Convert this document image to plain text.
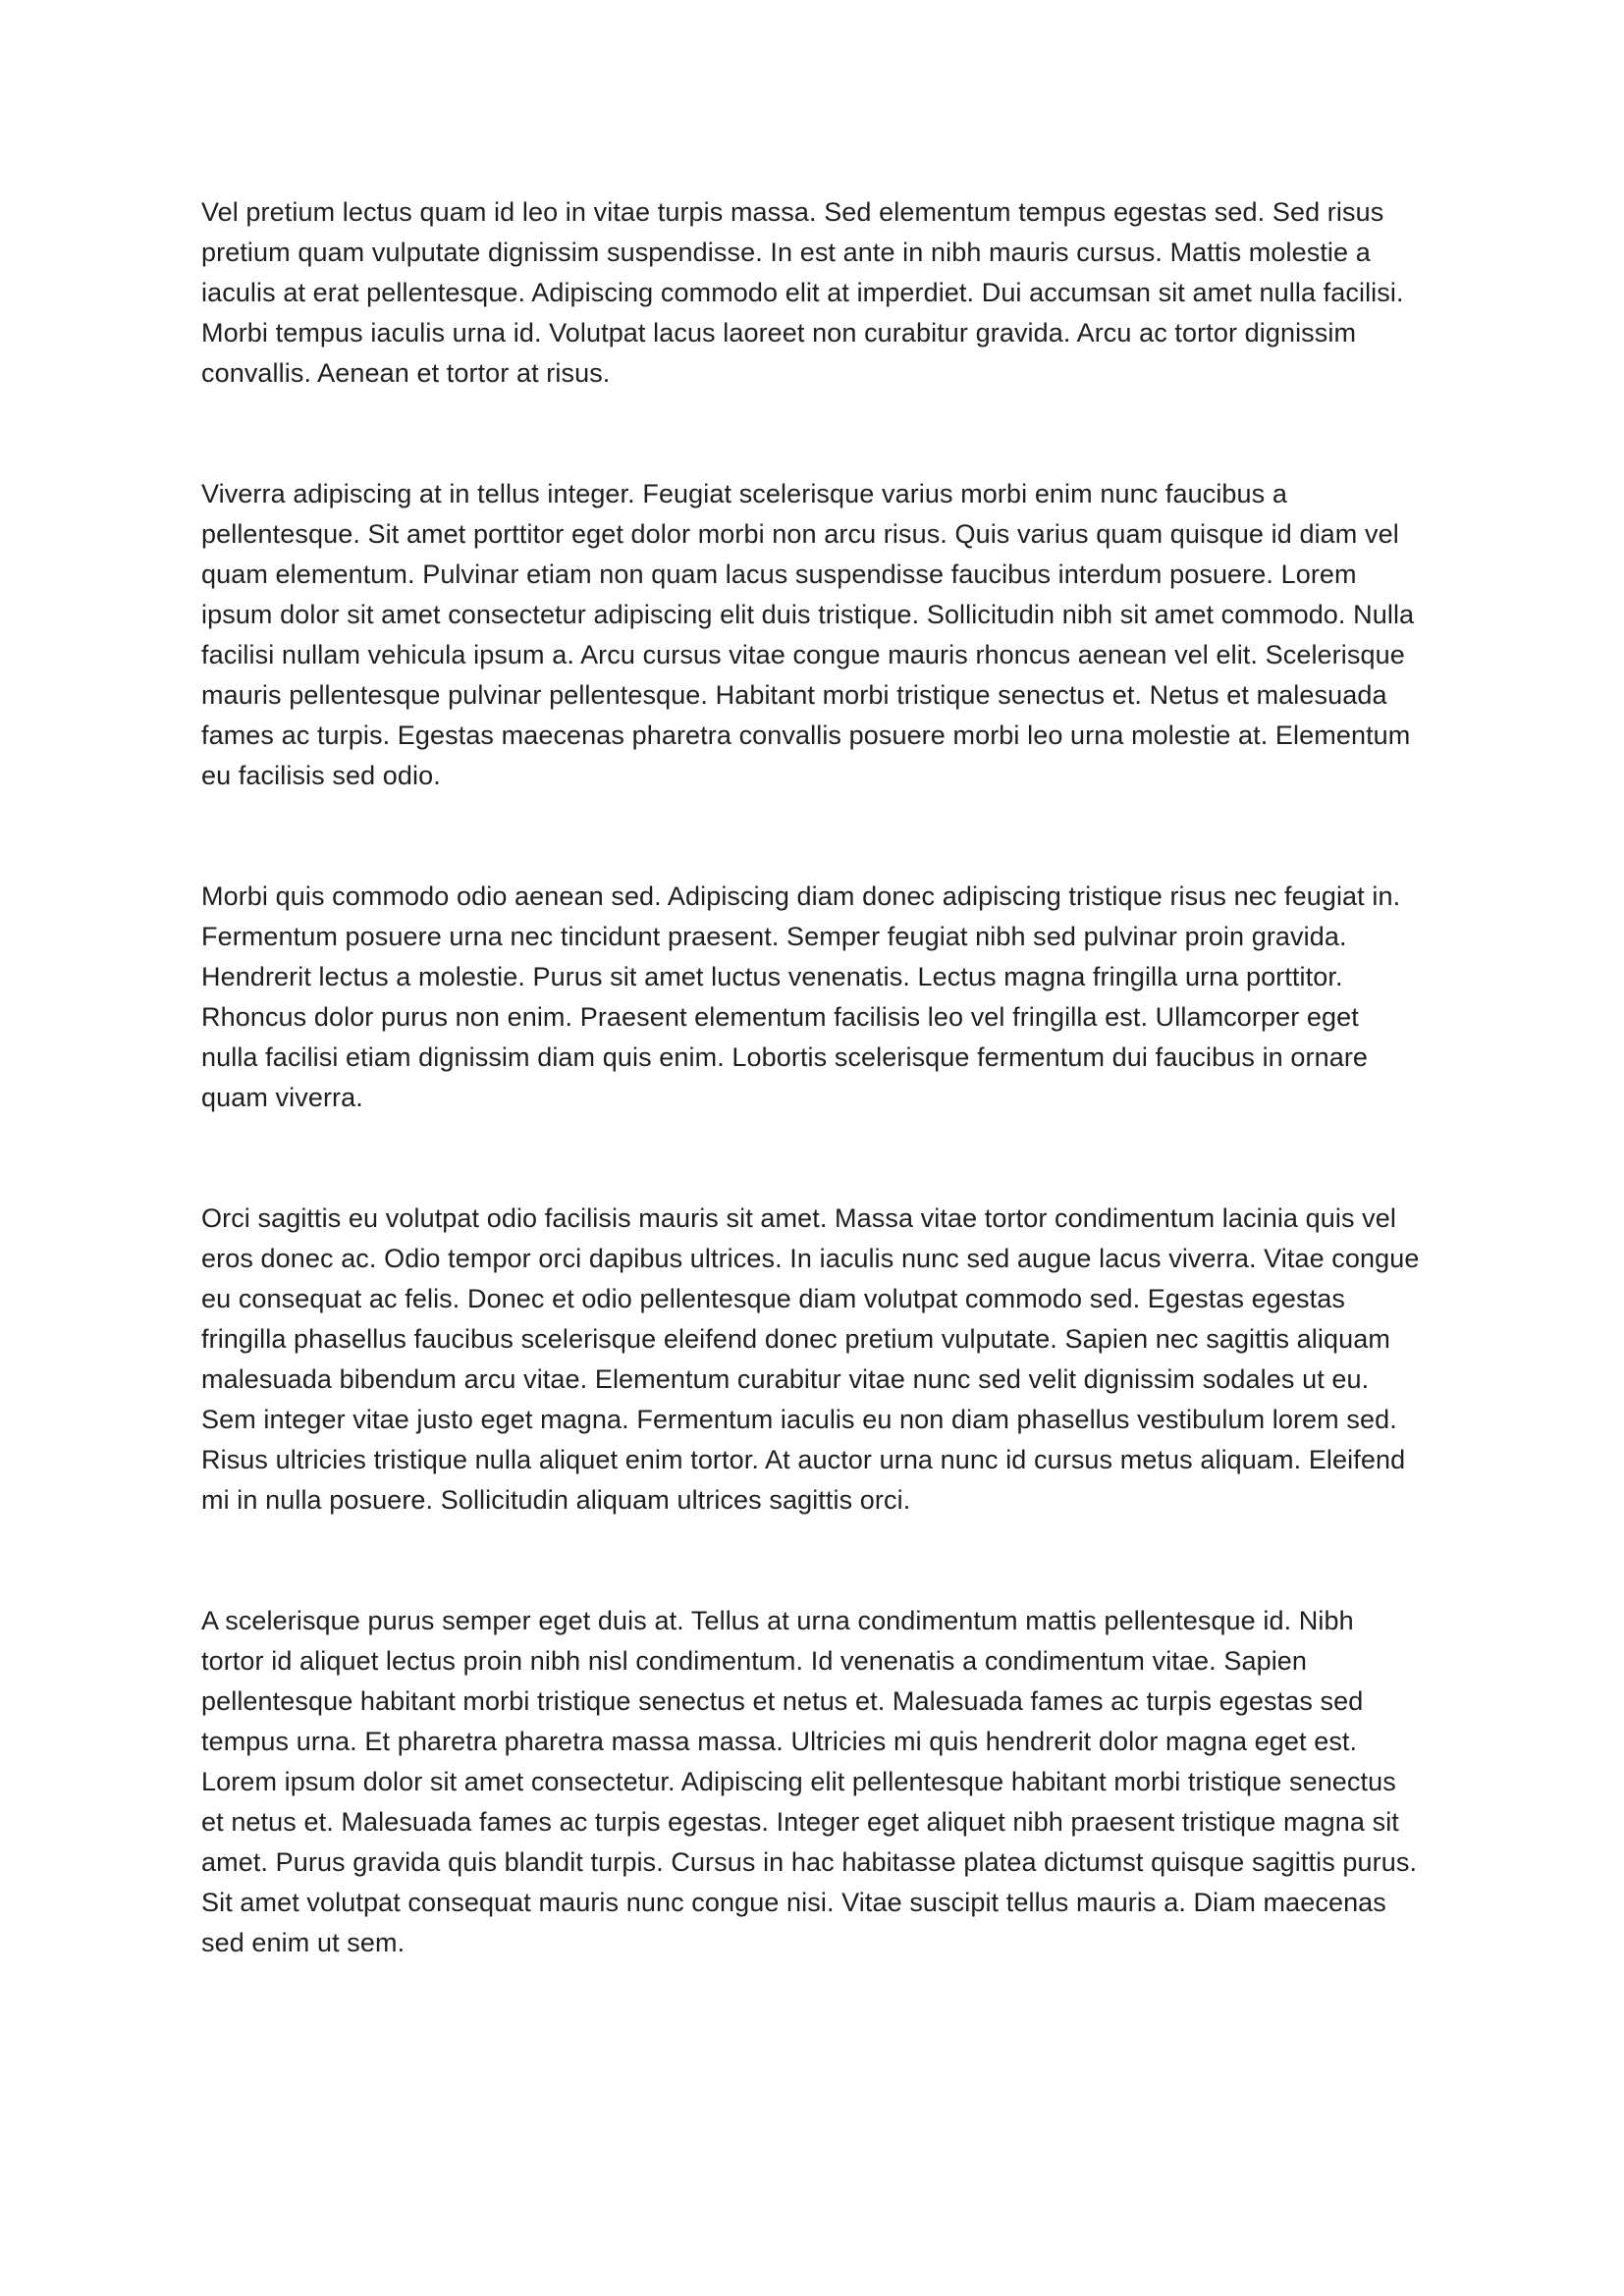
Vel pretium lectus quam id leo in vitae turpis massa. Sed elementum tempus egestas sed. Sed risus pretium quam vulputate dignissim suspendisse. In est ante in nibh mauris cursus. Mattis molestie a iaculis at erat pellentesque. Adipiscing commodo elit at imperdiet. Dui accumsan sit amet nulla facilisi. Morbi tempus iaculis urna id. Volutpat lacus laoreet non curabitur gravida. Arcu ac tortor dignissim convallis. Aenean et tortor at risus.

Viverra adipiscing at in tellus integer. Feugiat scelerisque varius morbi enim nunc faucibus a pellentesque. Sit amet porttitor eget dolor morbi non arcu risus. Quis varius quam quisque id diam vel quam elementum. Pulvinar etiam non quam lacus suspendisse faucibus interdum posuere. Lorem ipsum dolor sit amet consectetur adipiscing elit duis tristique. Sollicitudin nibh sit amet commodo. Nulla facilisi nullam vehicula ipsum a. Arcu cursus vitae congue mauris rhoncus aenean vel elit. Scelerisque mauris pellentesque pulvinar pellentesque. Habitant morbi tristique senectus et. Netus et malesuada fames ac turpis. Egestas maecenas pharetra convallis posuere morbi leo urna molestie at. Elementum eu facilisis sed odio.

Morbi quis commodo odio aenean sed. Adipiscing diam donec adipiscing tristique risus nec feugiat in. Fermentum posuere urna nec tincidunt praesent. Semper feugiat nibh sed pulvinar proin gravida. Hendrerit lectus a molestie. Purus sit amet luctus venenatis. Lectus magna fringilla urna porttitor. Rhoncus dolor purus non enim. Praesent elementum facilisis leo vel fringilla est. Ullamcorper eget nulla facilisi etiam dignissim diam quis enim. Lobortis scelerisque fermentum dui faucibus in ornare quam viverra.

Orci sagittis eu volutpat odio facilisis mauris sit amet. Massa vitae tortor condimentum lacinia quis vel eros donec ac. Odio tempor orci dapibus ultrices. In iaculis nunc sed augue lacus viverra. Vitae congue eu consequat ac felis. Donec et odio pellentesque diam volutpat commodo sed. Egestas egestas fringilla phasellus faucibus scelerisque eleifend donec pretium vulputate. Sapien nec sagittis aliquam malesuada bibendum arcu vitae. Elementum curabitur vitae nunc sed velit dignissim sodales ut eu. Sem integer vitae justo eget magna. Fermentum iaculis eu non diam phasellus vestibulum lorem sed. Risus ultricies tristique nulla aliquet enim tortor. At auctor urna nunc id cursus metus aliquam. Eleifend mi in nulla posuere. Sollicitudin aliquam ultrices sagittis orci.

A scelerisque purus semper eget duis at. Tellus at urna condimentum mattis pellentesque id. Nibh tortor id aliquet lectus proin nibh nisl condimentum. Id venenatis a condimentum vitae. Sapien pellentesque habitant morbi tristique senectus et netus et. Malesuada fames ac turpis egestas sed tempus urna. Et pharetra pharetra massa massa. Ultricies mi quis hendrerit dolor magna eget est. Lorem ipsum dolor sit amet consectetur. Adipiscing elit pellentesque habitant morbi tristique senectus et netus et. Malesuada fames ac turpis egestas. Integer eget aliquet nibh praesent tristique magna sit amet. Purus gravida quis blandit turpis. Cursus in hac habitasse platea dictumst quisque sagittis purus. Sit amet volutpat consequat mauris nunc congue nisi. Vitae suscipit tellus mauris a. Diam maecenas sed enim ut sem.
